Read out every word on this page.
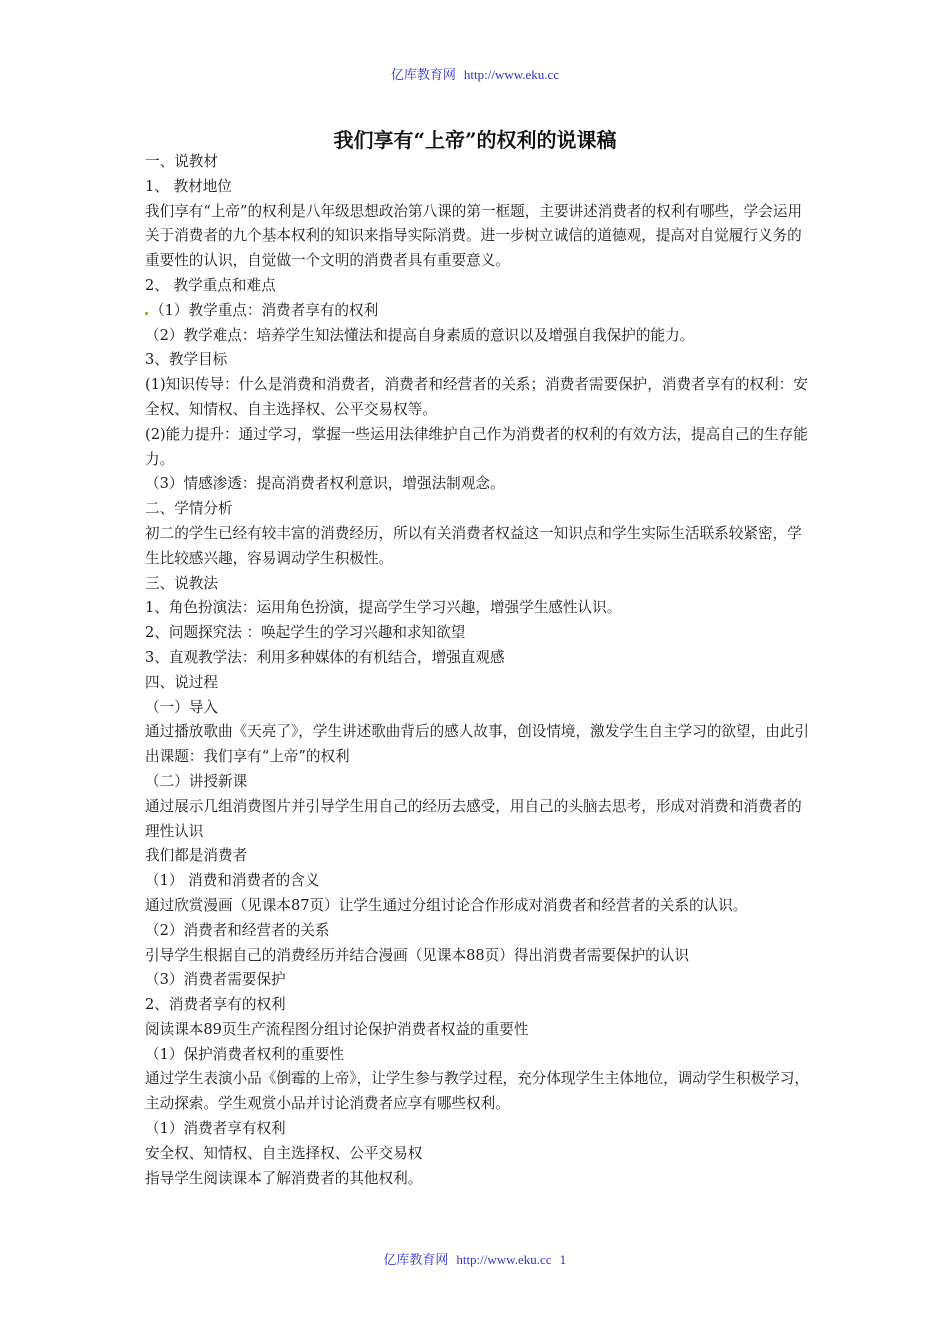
亿库教育网 http://www.eku.cc
我们享有“上帝”的权利的说课稿

一、说教材

1、 教材地位

我们享有“上帝”的权利是八年级思想政治第八课的第一框题，主要讲述消费者的权利有哪些，学会运用关于消费者的九个基本权利的知识来指导实际消费。进一步树立诚信的道德观，提高对自觉履行义务的重要性的认识，自觉做一个文明的消费者具有重要意义。

2、 教学重点和难点

（1）教学重点：消费者享有的权利

（2）教学难点：培养学生知法懂法和提高自身素质的意识以及增强自我保护的能力。

3、教学目标

(1)知识传导：什么是消费和消费者，消费者和经营者的关系；消费者需要保护，消费者享有的权利：安全权、知情权、自主选择权、公平交易权等。

(2)能力提升：通过学习，掌握一些运用法律维护自己作为消费者的权利的有效方法，提高自己的生存能力。

（3）情感渗透：提高消费者权利意识，增强法制观念。

二、学情分析

初二的学生已经有较丰富的消费经历，所以有关消费者权益这一知识点和学生实际生活联系较紧密，学生比较感兴趣，容易调动学生积极性。

三、说教法

1、角色扮演法：运用角色扮演，提高学生学习兴趣，增强学生感性认识。

2、问题探究法 ：唤起学生的学习兴趣和求知欲望

3、直观教学法：利用多种媒体的有机结合，增强直观感

四、说过程

（一）导入

通过播放歌曲《天亮了》，学生讲述歌曲背后的感人故事，创设情境，激发学生自主学习的欲望，由此引出课题：我们享有“上帝”的权利

（二）讲授新课

通过展示几组消费图片并引导学生用自己的经历去感受，用自己的头脑去思考，形成对消费和消费者的理性认识

我们都是消费者

（1） 消费和消费者的含义

通过欣赏漫画（见课本87页）让学生通过分组讨论合作形成对消费者和经营者的关系的认识。

（2）消费者和经营者的关系

引导学生根据自己的消费经历并结合漫画（见课本88页）得出消费者需要保护的认识

（3）消费者需要保护

2、消费者享有的权利

阅读课本89页生产流程图分组讨论保护消费者权益的重要性

（1）保护消费者权利的重要性

通过学生表演小品《倒霉的上帝》，让学生参与教学过程，充分体现学生主体地位，调动学生积极学习，主动探索。学生观赏小品并讨论消费者应享有哪些权利。

（1）消费者享有权利

安全权、知情权、自主选择权、公平交易权

指导学生阅读课本了解消费者的其他权利。

亿库教育网 http://www.eku.cc 1
